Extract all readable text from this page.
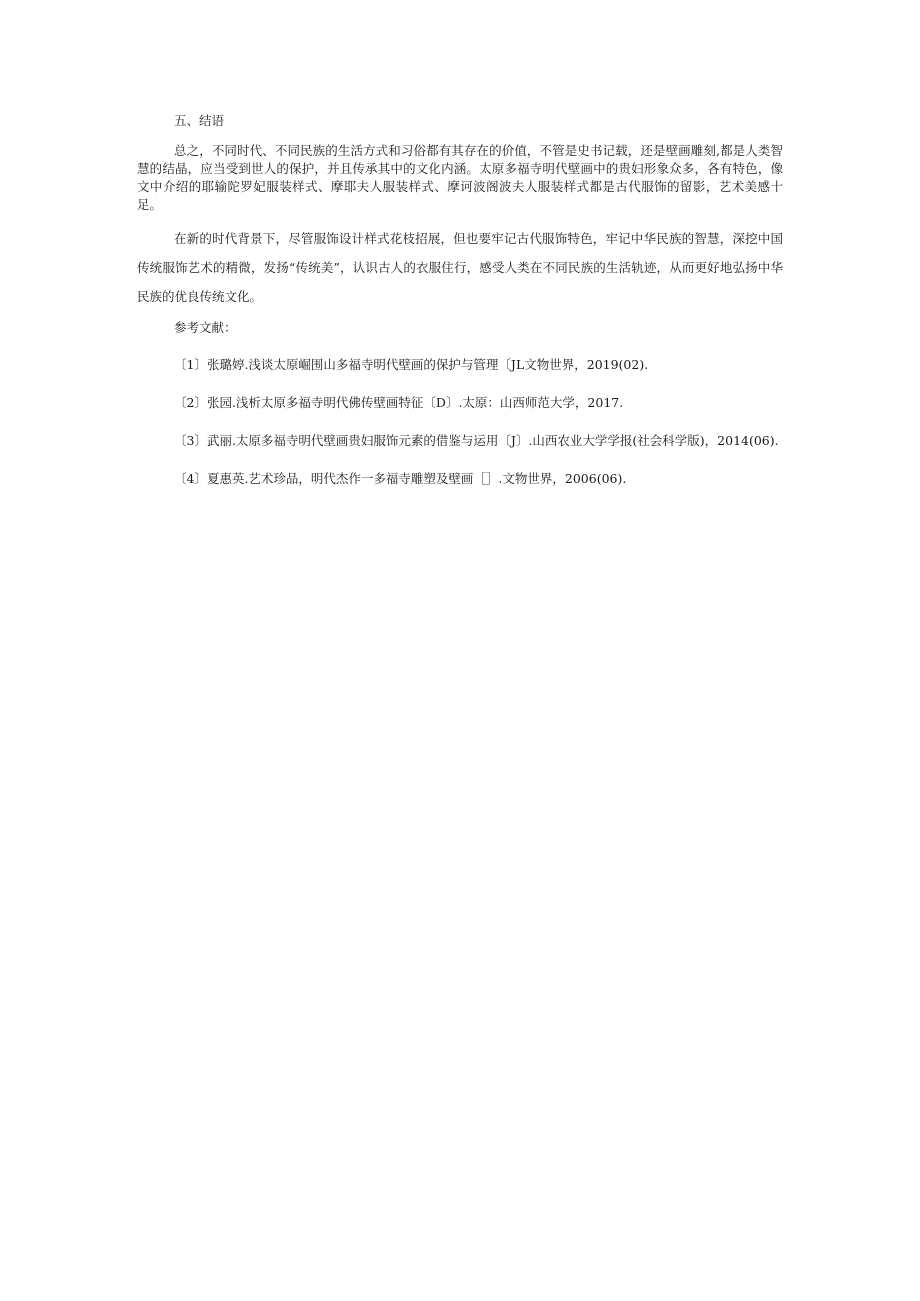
五、结语

总之，不同时代、不同民族的生活方式和习俗都有其存在的价值，不管是史书记载，还是壁画雕刻,都是人类智慧的结晶，应当受到世人的保护，并且传承其中的文化内涵。太原多福寺明代壁画中的贵妇形象众多，各有特色，像文中介绍的耶输陀罗妃服装样式、摩耶夫人服装样式、摩诃波阁波夫人服装样式都是古代服饰的留影，艺术美感十足。

在新的时代背景下，尽管服饰设计样式花枝招展，但也要牢记古代服饰特色，牢记中华民族的智慧，深挖中国传统服饰艺术的精微，发扬“传统美”，认识古人的衣服住行，感受人类在不同民族的生活轨迹，从而更好地弘扬中华民族的优良传统文化。

参考文献：

〔1〕张璐婷.浅谈太原崛围山多福寺明代壁画的保护与管理〔JL文物世界，2019(02).

〔2〕张园.浅析太原多福寺明代佛传壁画特征〔D〕.太原：山西师范大学，2017.

〔3〕武丽.太原多福寺明代壁画贵妇服饰元素的借鉴与运用〔J〕.山西农业大学学报(社会科学版)，2014(06).

〔4〕夏惠英.艺术珍品，明代杰作一多福寺雕塑及壁画［］.文物世界，2006(06).
